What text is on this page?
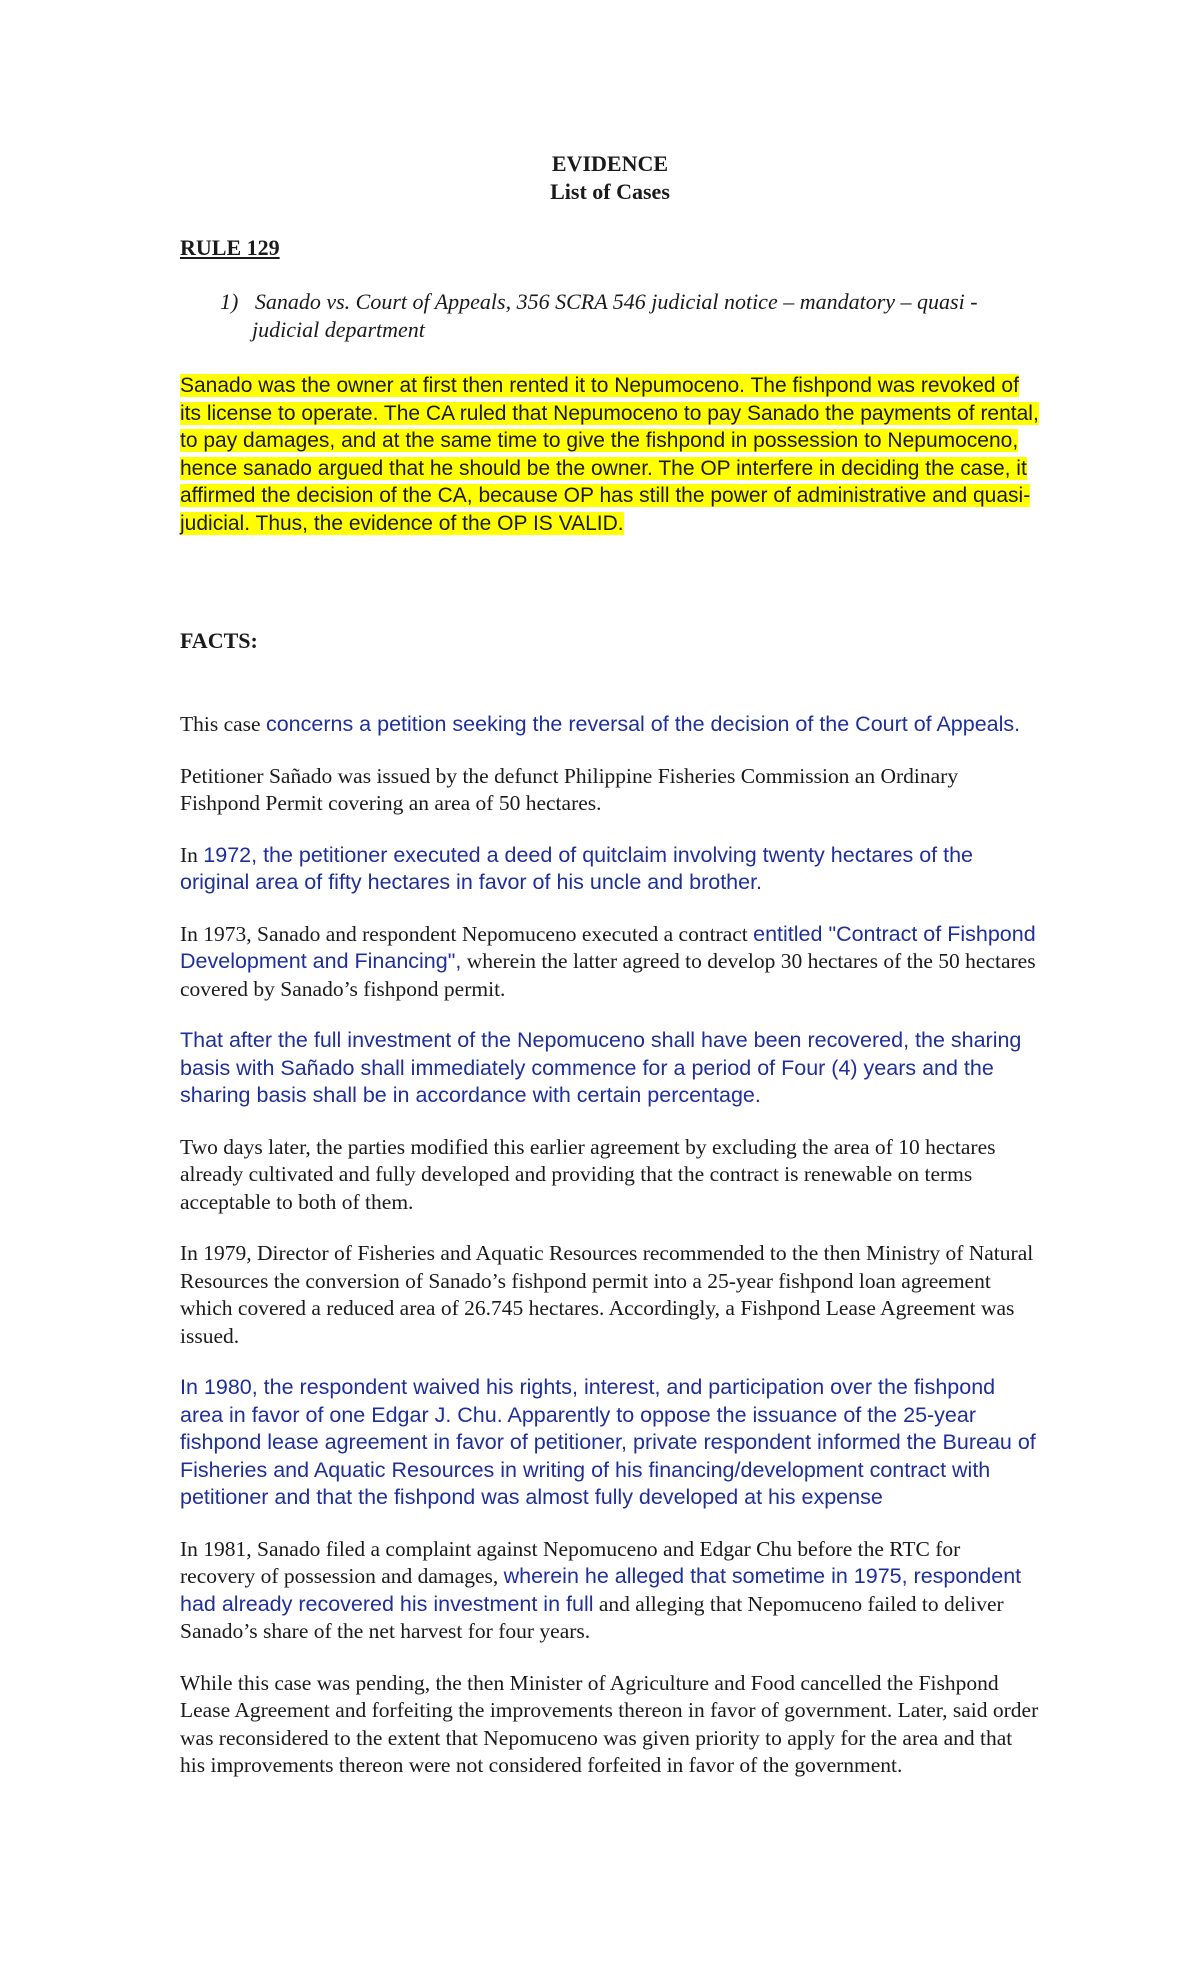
EVIDENCE

List of Cases

RULE 129

1) Sanado vs. Court of Appeals, 356 SCRA 546 judicial notice – mandatory – quasi - judicial department

Sanado was the owner at first then rented it to Nepumoceno. The fishpond was revoked of its license to operate. The CA ruled that Nepumoceno to pay Sanado the payments of rental, to pay damages, and at the same time to give the fishpond in possession to Nepumoceno, hence sanado argued that he should be the owner. The OP interfere in deciding the case, it affirmed the decision of the CA, because OP has still the power of administrative and quasi-judicial. Thus, the evidence of the OP IS VALID.

FACTS:

This case concerns a petition seeking the reversal of the decision of the Court of Appeals.

Petitioner Sañado was issued by the defunct Philippine Fisheries Commission an Ordinary Fishpond Permit covering an area of 50 hectares.

In 1972, the petitioner executed a deed of quitclaim involving twenty hectares of the original area of fifty hectares in favor of his uncle and brother.

In 1973, Sanado and respondent Nepomuceno executed a contract entitled "Contract of Fishpond Development and Financing", wherein the latter agreed to develop 30 hectares of the 50 hectares covered by Sanado’s fishpond permit.

That after the full investment of the Nepomuceno shall have been recovered, the sharing basis with Sañado shall immediately commence for a period of Four (4) years and the sharing basis shall be in accordance with certain percentage.

Two days later, the parties modified this earlier agreement by excluding the area of 10 hectares already cultivated and fully developed and providing that the contract is renewable on terms acceptable to both of them.

In 1979, Director of Fisheries and Aquatic Resources recommended to the then Ministry of Natural Resources the conversion of Sanado’s fishpond permit into a 25-year fishpond loan agreement which covered a reduced area of 26.745 hectares. Accordingly, a Fishpond Lease Agreement was issued.

In 1980, the respondent waived his rights, interest, and participation over the fishpond area in favor of one Edgar J. Chu. Apparently to oppose the issuance of the 25-year fishpond lease agreement in favor of petitioner, private respondent informed the Bureau of Fisheries and Aquatic Resources in writing of his financing/development contract with petitioner and that the fishpond was almost fully developed at his expense

In 1981, Sanado filed a complaint against Nepomuceno and Edgar Chu before the RTC for recovery of possession and damages, wherein he alleged that sometime in 1975, respondent had already recovered his investment in full and alleging that Nepomuceno failed to deliver Sanado’s share of the net harvest for four years.

While this case was pending, the then Minister of Agriculture and Food cancelled the Fishpond Lease Agreement and forfeiting the improvements thereon in favor of government. Later, said order was reconsidered to the extent that Nepomuceno was given priority to apply for the area and that his improvements thereon were not considered forfeited in favor of the government.
